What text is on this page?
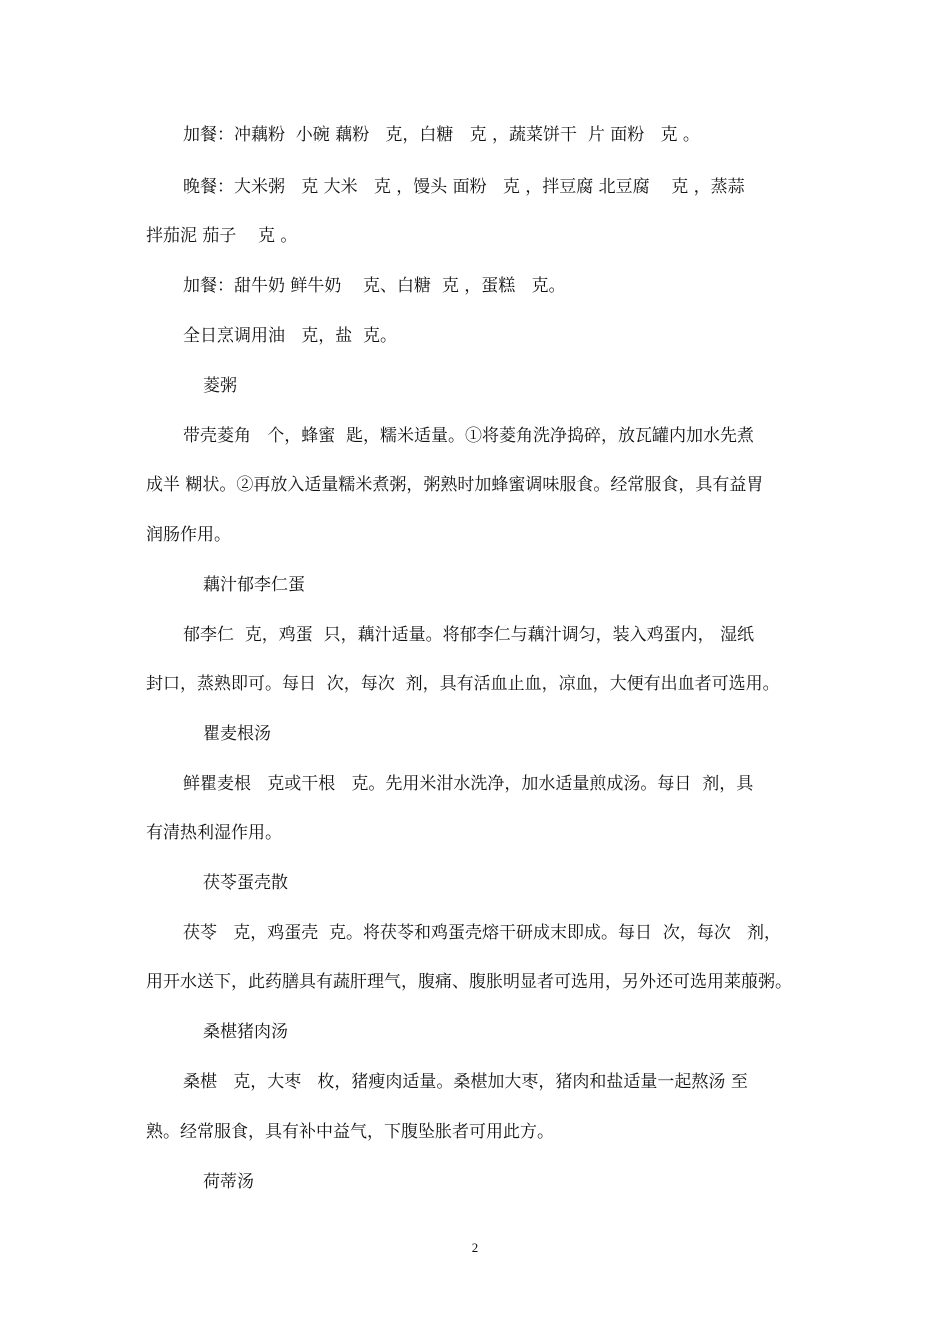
加餐：冲藕粉  小碗 藕粉   克，白糖   克 ，蔬菜饼干  片 面粉   克 。

晚餐：大米粥   克 大米   克 ，馒头 面粉   克 ，拌豆腐 北豆腐    克 ，蒸蒜

拌茄泥 茄子    克 。

加餐：甜牛奶 鲜牛奶    克、白糖  克 ，蛋糕   克。

全日烹调用油   克，盐  克。

菱粥

带壳菱角   个，蜂蜜  匙，糯米适量。①将菱角洗净捣碎，放瓦罐内加水先煮

成半 糊状。②再放入适量糯米煮粥，粥熟时加蜂蜜调味服食。经常服食，具有益胃

润肠作用。

藕汁郁李仁蛋

郁李仁  克，鸡蛋  只，藕汁适量。将郁李仁与藕汁调匀，装入鸡蛋内， 湿纸

封口，蒸熟即可。每日  次，每次  剂，具有活血止血，凉血，大便有出血者可选用。

瞿麦根汤

鲜瞿麦根   克或干根   克。先用米泔水洗净，加水适量煎成汤。每日  剂，具

有清热利湿作用。

茯苓蛋壳散

茯苓   克，鸡蛋壳  克。将茯苓和鸡蛋壳熔干研成末即成。每日  次，每次   剂，

用开水送下，此药膳具有蔬肝理气，腹痛、腹胀明显者可选用，另外还可选用莱菔粥。

桑椹猪肉汤

桑椹   克，大枣   枚，猪瘦肉适量。桑椹加大枣，猪肉和盐适量一起熬汤 至

熟。经常服食，具有补中益气，下腹坠胀者可用此方。

荷蒂汤

2
